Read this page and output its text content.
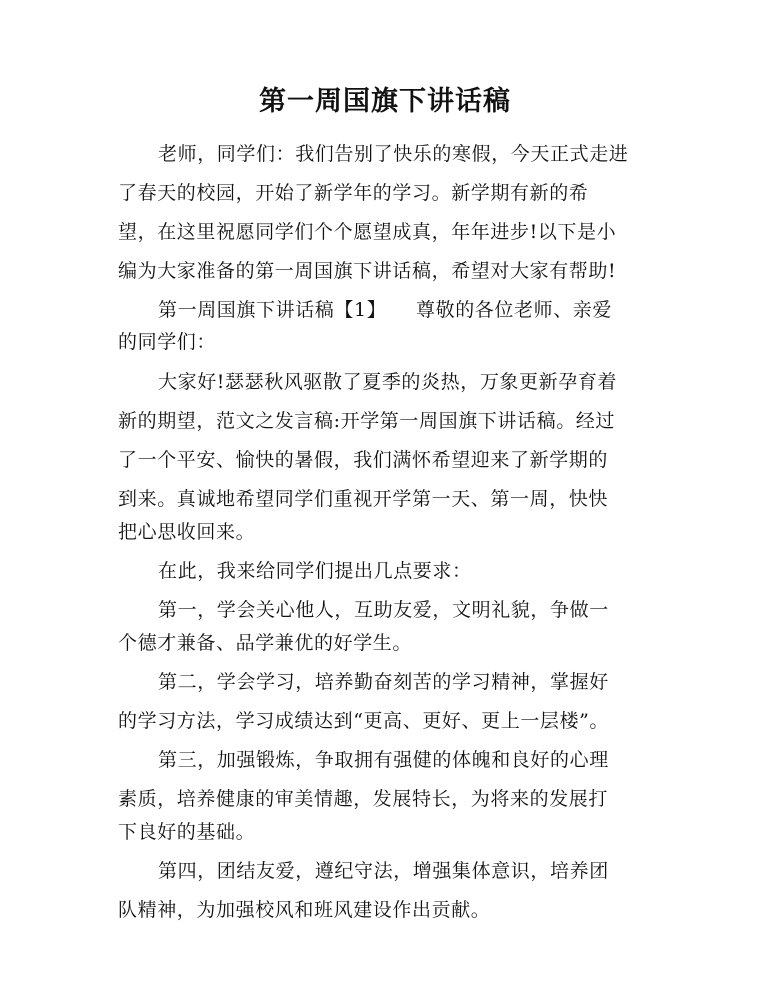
第一周国旗下讲话稿
老师，同学们：我们告别了快乐的寒假，今天正式走进
了春天的校园，开始了新学年的学习。新学期有新的希
望，在这里祝愿同学们个个愿望成真，年年进步!以下是小
编为大家准备的第一周国旗下讲话稿，希望对大家有帮助!
第一周国旗下讲话稿【1】　　尊敬的各位老师、亲爱
的同学们：
大家好!瑟瑟秋风驱散了夏季的炎热，万象更新孕育着
新的期望，范文之发言稿:开学第一周国旗下讲话稿。经过
了一个平安、愉快的暑假，我们满怀希望迎来了新学期的
到来。真诚地希望同学们重视开学第一天、第一周，快快
把心思收回来。
在此，我来给同学们提出几点要求：
第一，学会关心他人，互助友爱，文明礼貌，争做一
个德才兼备、品学兼优的好学生。
第二，学会学习，培养勤奋刻苦的学习精神，掌握好
的学习方法，学习成绩达到“更高、更好、更上一层楼”。
第三，加强锻炼，争取拥有强健的体魄和良好的心理
素质，培养健康的审美情趣，发展特长，为将来的发展打
下良好的基础。
第四，团结友爱，遵纪守法，增强集体意识，培养团
队精神，为加强校风和班风建设作出贡献。
